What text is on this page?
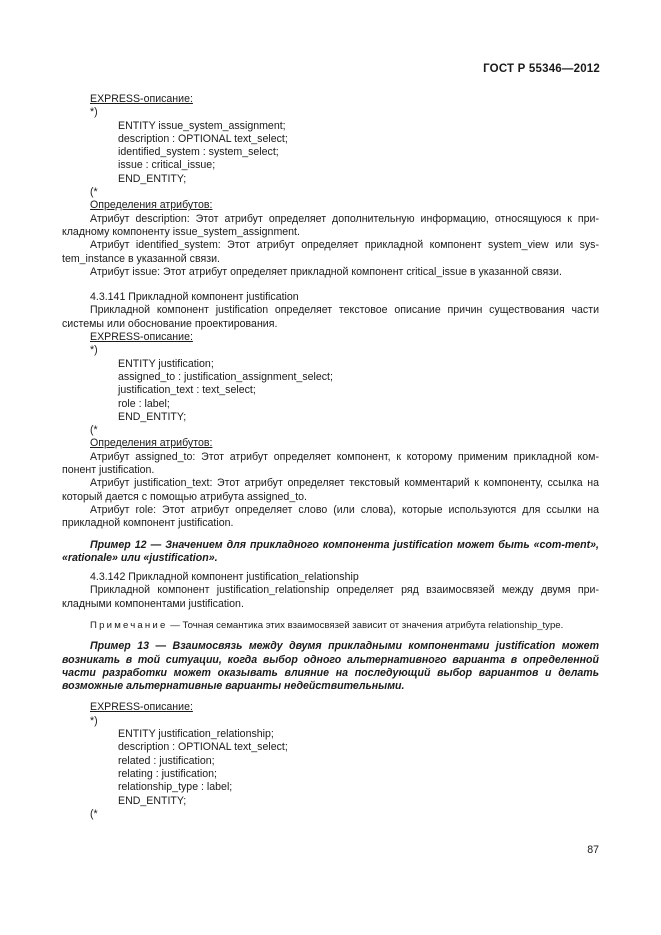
ГОСТ Р 55346—2012

EXPRESS-описание:

*)

ENTITY issue_system_assignment;

description : OPTIONAL text_select;

identified_system : system_select;

issue : critical_issue;

END_ENTITY;

(*

Определения атрибутов:

Атрибут description: Этот атрибут определяет дополнительную информацию, относящуюся к при-кладному компоненту issue_system_assignment.

Атрибут identified_system: Этот атрибут определяет прикладной компонент system_view или sys-tem_instance в указанной связи.

Атрибут issue: Этот атрибут определяет прикладной компонент critical_issue в указанной связи.

4.3.141 Прикладной компонент justification

Прикладной компонент justification определяет текстовое описание причин существования части системы или обоснование проектирования.

EXPRESS-описание:

*)

ENTITY justification;

assigned_to : justification_assignment_select;

justification_text : text_select;

role : label;

END_ENTITY;

(*

Определения атрибутов:

Атрибут assigned_to: Этот атрибут определяет компонент, к которому применим прикладной ком-понент justification.

Атрибут justification_text: Этот атрибут определяет текстовый комментарий к компоненту, ссылка на который дается с помощью атрибута assigned_to.

Атрибут role: Этот атрибут определяет слово (или слова), которые используются для ссылки на прикладной компонент justification.

Пример 12 — Значением для прикладного компонента justification может быть «com-ment», «rationale» или «justification».

4.3.142 Прикладной компонент justification_relationship

Прикладной компонент justification_relationship определяет ряд взаимосвязей между двумя при-кладными компонентами justification.

Примечание — Точная семантика этих взаимосвязей зависит от значения атрибута relationship_type.

Пример 13 — Взаимосвязь между двумя прикладными компонентами justification может возникать в той ситуации, когда выбор одного альтернативного варианта в определенной части разработки может оказывать влияние на последующий выбор вариантов и делать возможные альтернативные варианты недействительными.

EXPRESS-описание:

*)

ENTITY justification_relationship;

description : OPTIONAL text_select;

related : justification;

relating : justification;

relationship_type : label;

END_ENTITY;

(*

87
